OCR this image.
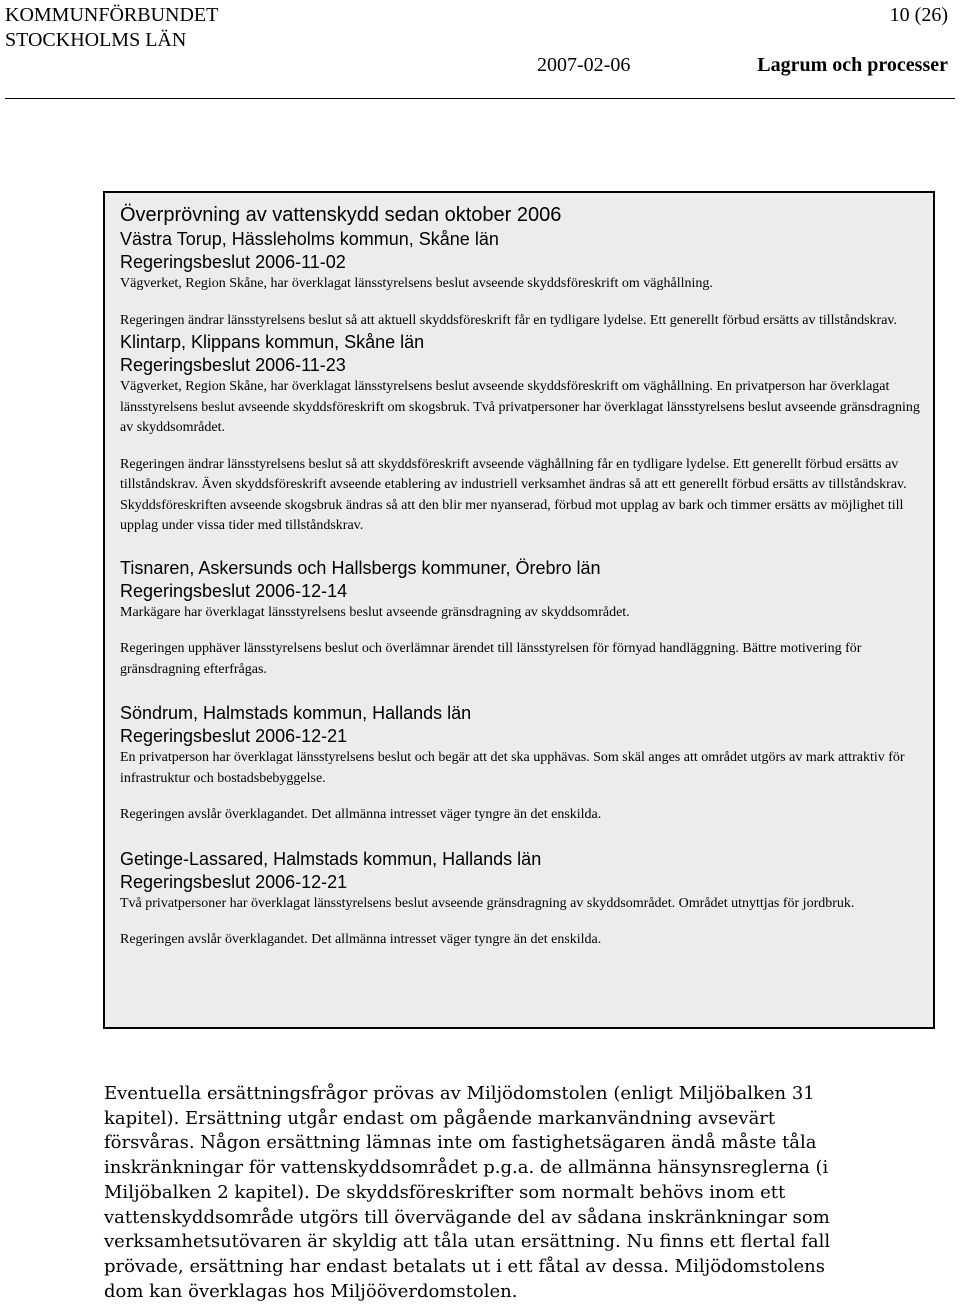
KOMMUNFÖRBUNDET
STOCKHOLMS LÄN
10 (26)
2007-02-06	Lagrum och processer
Överprövning av vattenskydd sedan oktober 2006
Västra Torup, Hässleholms kommun, Skåne län
Regeringsbeslut 2006-11-02

Vägverket, Region Skåne, har överklagat länsstyrelsens beslut avseende skyddsföreskrift om väghållning.

Regeringen ändrar länsstyrelsens beslut så att aktuell skyddsföreskrift får en tydligare lydelse. Ett generellt förbud ersätts av tillståndskrav.

Klintarp, Klippans kommun, Skåne län
Regeringsbeslut 2006-11-23

Vägverket, Region Skåne, har överklagat länsstyrelsens beslut avseende skyddsföreskrift om väghållning. En privatperson har överklagat länsstyrelsens beslut avseende skyddsföreskrift om skogsbruk. Två privatpersoner har överklagat länsstyrelsens beslut avseende gränsdragning av skyddsområdet.

Regeringen ändrar länsstyrelsens beslut så att skyddsföreskrift avseende väghållning får en tydligare lydelse. Ett generellt förbud ersätts av tillståndskrav. Även skyddsföreskrift avseende etablering av industriell verksamhet ändras så att ett generellt förbud ersätts av tillståndskrav. Skyddsföreskriften avseende skogsbruk ändras så att den blir mer nyanserad, förbud mot upplag av bark och timmer ersätts av möjlighet till upplag under vissa tider med tillståndskrav.

Tisnaren, Askersunds och Hallsbergs kommuner, Örebro län
Regeringsbeslut 2006-12-14

Markägare har överklagat länsstyrelsens beslut avseende gränsdragning av skyddsområdet.

Regeringen upphäver länsstyrelsens beslut och överlämnar ärendet till länsstyrelsen för förnyad handläggning. Bättre motivering för gränsdragning efterfrågas.

Söndrum, Halmstads kommun, Hallands län
Regeringsbeslut 2006-12-21

En privatperson har överklagat länsstyrelsens beslut och begär att det ska upphävas. Som skäl anges att området utgörs av mark attraktiv för infrastruktur och bostadsbebyggelse.

Regeringen avslår överklagandet. Det allmänna intresset väger tyngre än det enskilda.

Getinge-Lassared, Halmstads kommun, Hallands län
Regeringsbeslut 2006-12-21

Två privatpersoner har överklagat länsstyrelsens beslut avseende gränsdragning av skyddsområdet. Området utnyttjas för jordbruk.

Regeringen avslår överklagandet. Det allmänna intresset väger tyngre än det enskilda.

Eventuella ersättningsfrågor prövas av Miljödomstolen (enligt Miljöbalken 31 kapitel). Ersättning utgår endast om pågående markanvändning avsevärt försvåras. Någon ersättning lämnas inte om fastighetsägaren ändå måste tåla inskränkningar för vattenskyddsområdet p.g.a. de allmänna hänsynsreglerna (i Miljöbalken 2 kapitel). De skyddsföreskrifter som normalt behövs inom ett vattenskyddsområde utgörs till övervägande del av sådana inskränkningar som verksamhetsutövaren är skyldig att tåla utan ersättning. Nu finns ett flertal fall prövade, ersättning har endast betalats ut i ett fåtal av dessa. Miljödomstolens dom kan överklagas hos Miljööverdomstolen.
